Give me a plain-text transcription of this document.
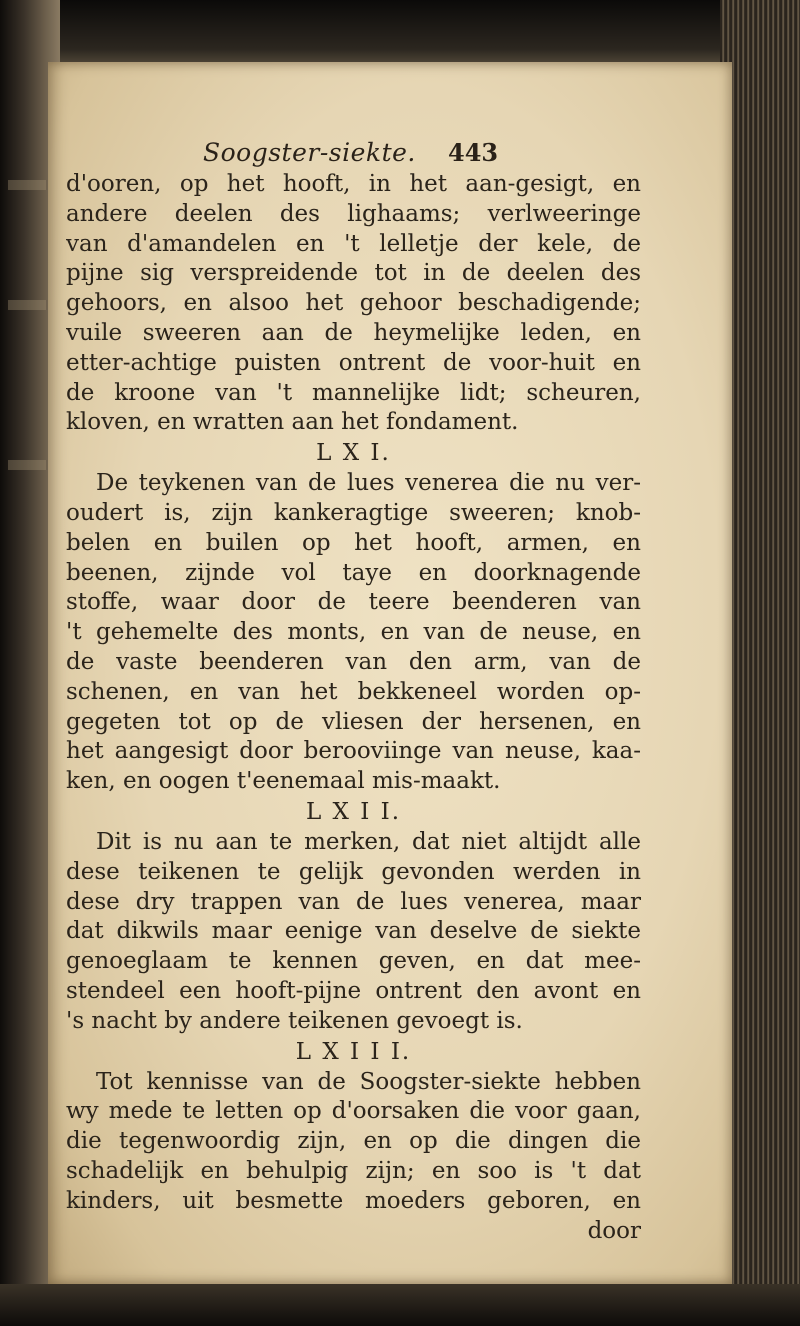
Soogster-siekte. 443
d'ooren, op het hooft, in het aan-gesigt, en
andere deelen des lighaams; verlweeringe
van d'amandelen en 't lelletje der kele, de
pijne sig verspreidende tot in de deelen des
gehoors, en alsoo het gehoor beschadigende;
vuile sweeren aan de heymelijke leden, en
etter-achtige puisten ontrent de voor-huit en
de kroone van 't mannelijke lidt; scheuren,
kloven, en wratten aan het fondament.
L X I.
De teykenen van de lues venerea die nu ver-
oudert is, zijn kankeragtige sweeren; knob-
belen en builen op het hooft, armen, en
beenen, zijnde vol taye en doorknagende
stoffe, waar door de teere beenderen van
't gehemelte des monts, en van de neuse, en
de vaste beenderen van den arm, van de
schenen, en van het bekkeneel worden op-
gegeten tot op de vliesen der hersenen, en
het aangesigt door berooviinge van neuse, kaa-
ken, en oogen t'eenemaal mis-maakt.
L X I I.
Dit is nu aan te merken, dat niet altijdt alle
dese teikenen te gelijk gevonden werden in
dese dry trappen van de lues venerea, maar
dat dikwils maar eenige van deselve de siekte
genoeglaam te kennen geven, en dat mee-
stendeel een hooft-pijne ontrent den avont en
's nacht by andere teikenen gevoegt is.
L X I I I.
Tot kennisse van de Soogster-siekte hebben
wy mede te letten op d'oorsaken die voor gaan,
die tegenwoordig zijn, en op die dingen die
schadelijk en behulpig zijn; en soo is 't dat
kinders, uit besmette moeders geboren, en
door
